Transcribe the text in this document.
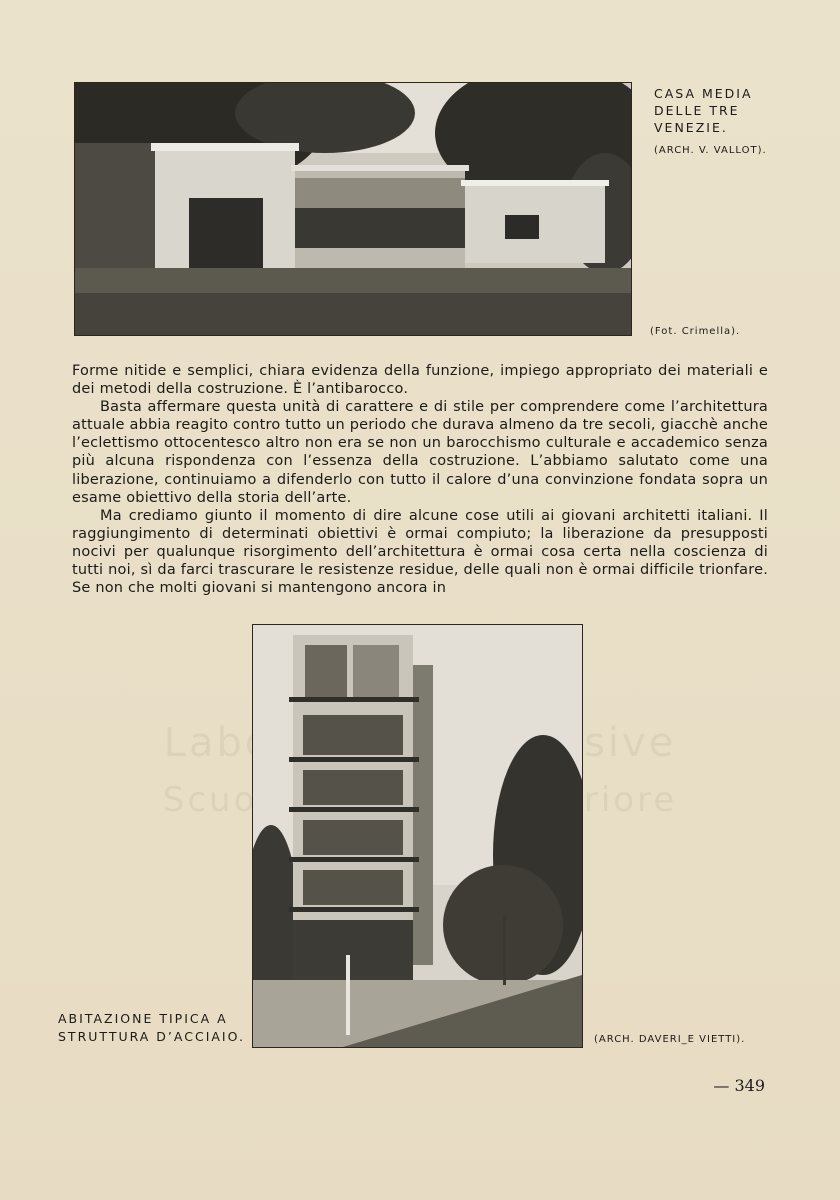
CASA MEDIA
DELLE TRE
VENEZIE.
(ARCH. V. VALLOT).
(Fot. Crimella).

Forme nitide e semplici, chiara evidenza della funzione, impiego appropriato dei materiali e dei metodi della costruzione. È l’antibarocco.

Basta affermare questa unità di carattere e di stile per comprendere come l’architettura attuale abbia reagito contro tutto un periodo che durava almeno da tre secoli, giacchè anche l’eclettismo ottocentesco altro non era se non un barocchismo culturale e accademico senza più alcuna rispondenza con l’essenza della costruzione. L’abbiamo salutato come una liberazione, continuiamo a difenderlo con tutto il calore d’una convinzione fondata sopra un esame obiettivo della storia dell’arte.

Ma crediamo giunto il momento di dire alcune cose utili ai giovani architetti italiani. Il raggiungimento di determinati obiettivi è ormai compiuto; la liberazione da presupposti nocivi per qualunque risorgimento dell’architettura è ormai cosa certa nella coscienza di tutti noi, sì da farci trascurare le resistenze residue, delle quali non è ormai difficile trionfare. Se non che molti giovani si mantengono ancora in

ABITAZIONE TIPICA A
STRUTTURA D’ACCIAIO.	(ARCH. DAVERI_E VIETTI).
— 349
